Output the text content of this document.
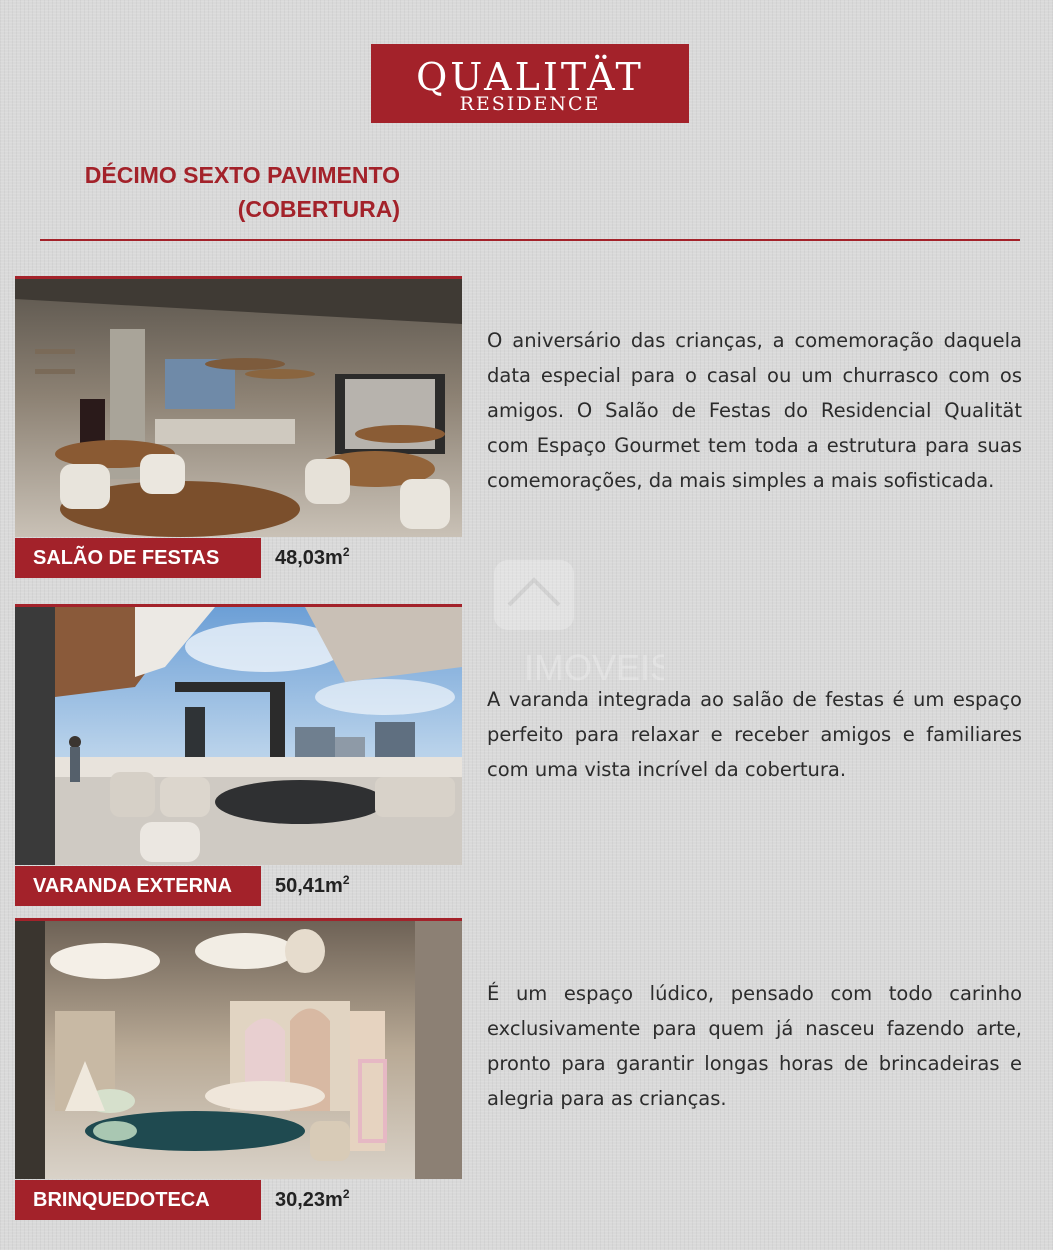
QUALITÄT
RESIDENCE
DÉCIMO SEXTO PAVIMENTO
(COBERTURA)
SALÃO DE FESTAS	$48,03m^2$
O aniversário das crianças, a comemoração daquela data especial para o casal ou um churrasco com os amigos. O Salão de Festas do Residencial Qualität com Espaço Gourmet tem toda a estrutura para suas comemorações, da mais simples a mais sofisticada.
IMOVEIS
VARANDA EXTERNA	$50,41m^2$
A varanda integrada ao salão de festas é um espaço perfeito para relaxar e receber amigos e familiares com uma vista incrível da cobertura.
BRINQUEDOTECA	$30,23m^2$
É um espaço lúdico, pensado com todo carinho exclusivamente para quem já nasceu fazendo arte, pronto para garantir longas horas de brincadeiras e alegria para as crianças.
